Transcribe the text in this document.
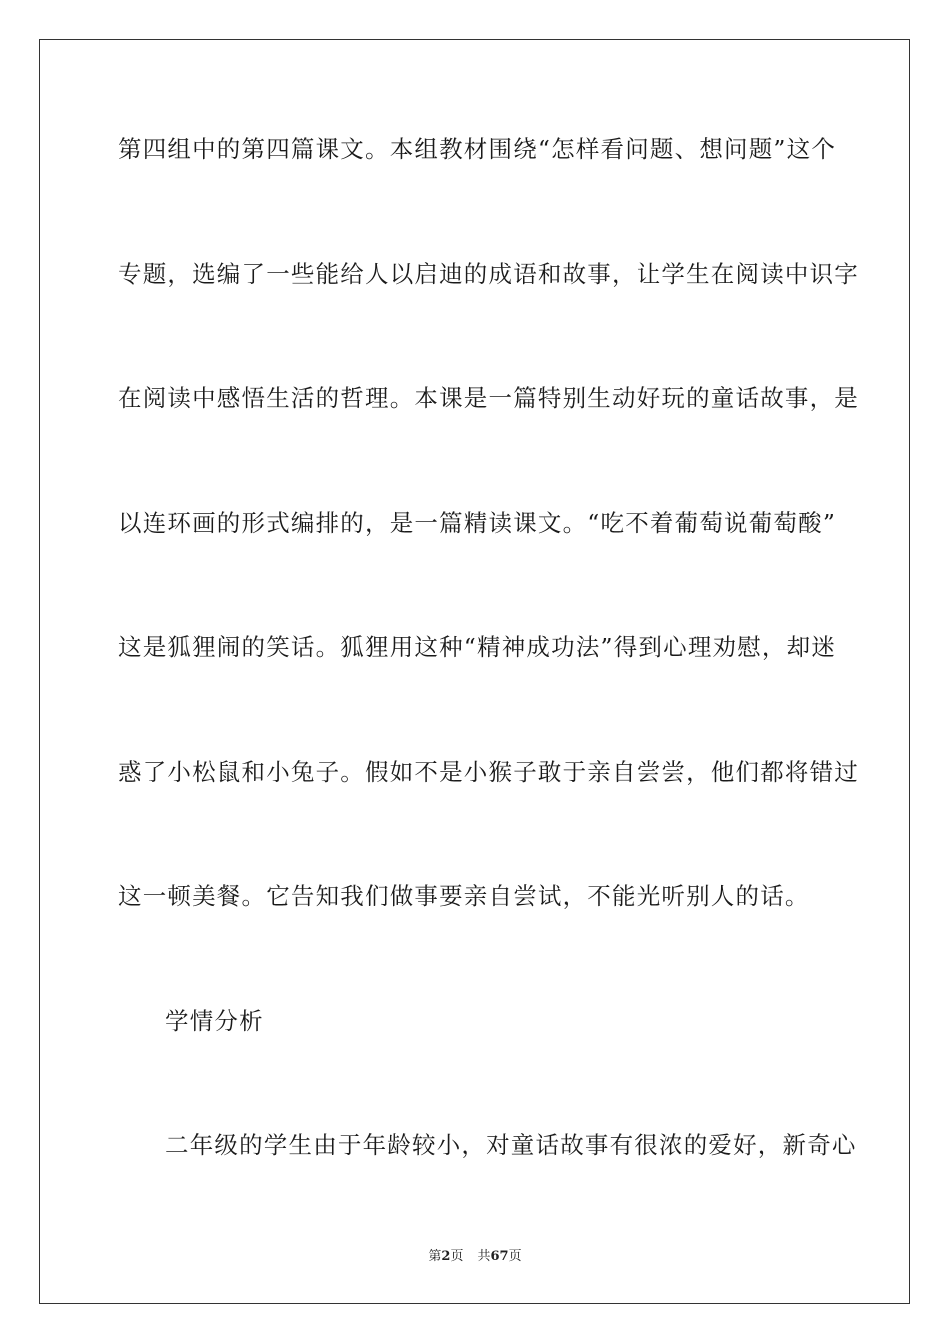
第四组中的第四篇课文。本组教材围绕“怎样看问题、想问题”这个
专题，选编了一些能给人以启迪的成语和故事，让学生在阅读中识字
在阅读中感悟生活的哲理。本课是一篇特别生动好玩的童话故事，是
以连环画的形式编排的，是一篇精读课文。“吃不着葡萄说葡萄酸”
这是狐狸闹的笑话。狐狸用这种“精神成功法”得到心理劝慰，却迷
惑了小松鼠和小兔子。假如不是小猴子敢于亲自尝尝，他们都将错过
这一顿美餐。它告知我们做事要亲自尝试，不能光听别人的话。
学情分析
二年级的学生由于年龄较小，对童话故事有很浓的爱好，新奇心
第2页 共67页
